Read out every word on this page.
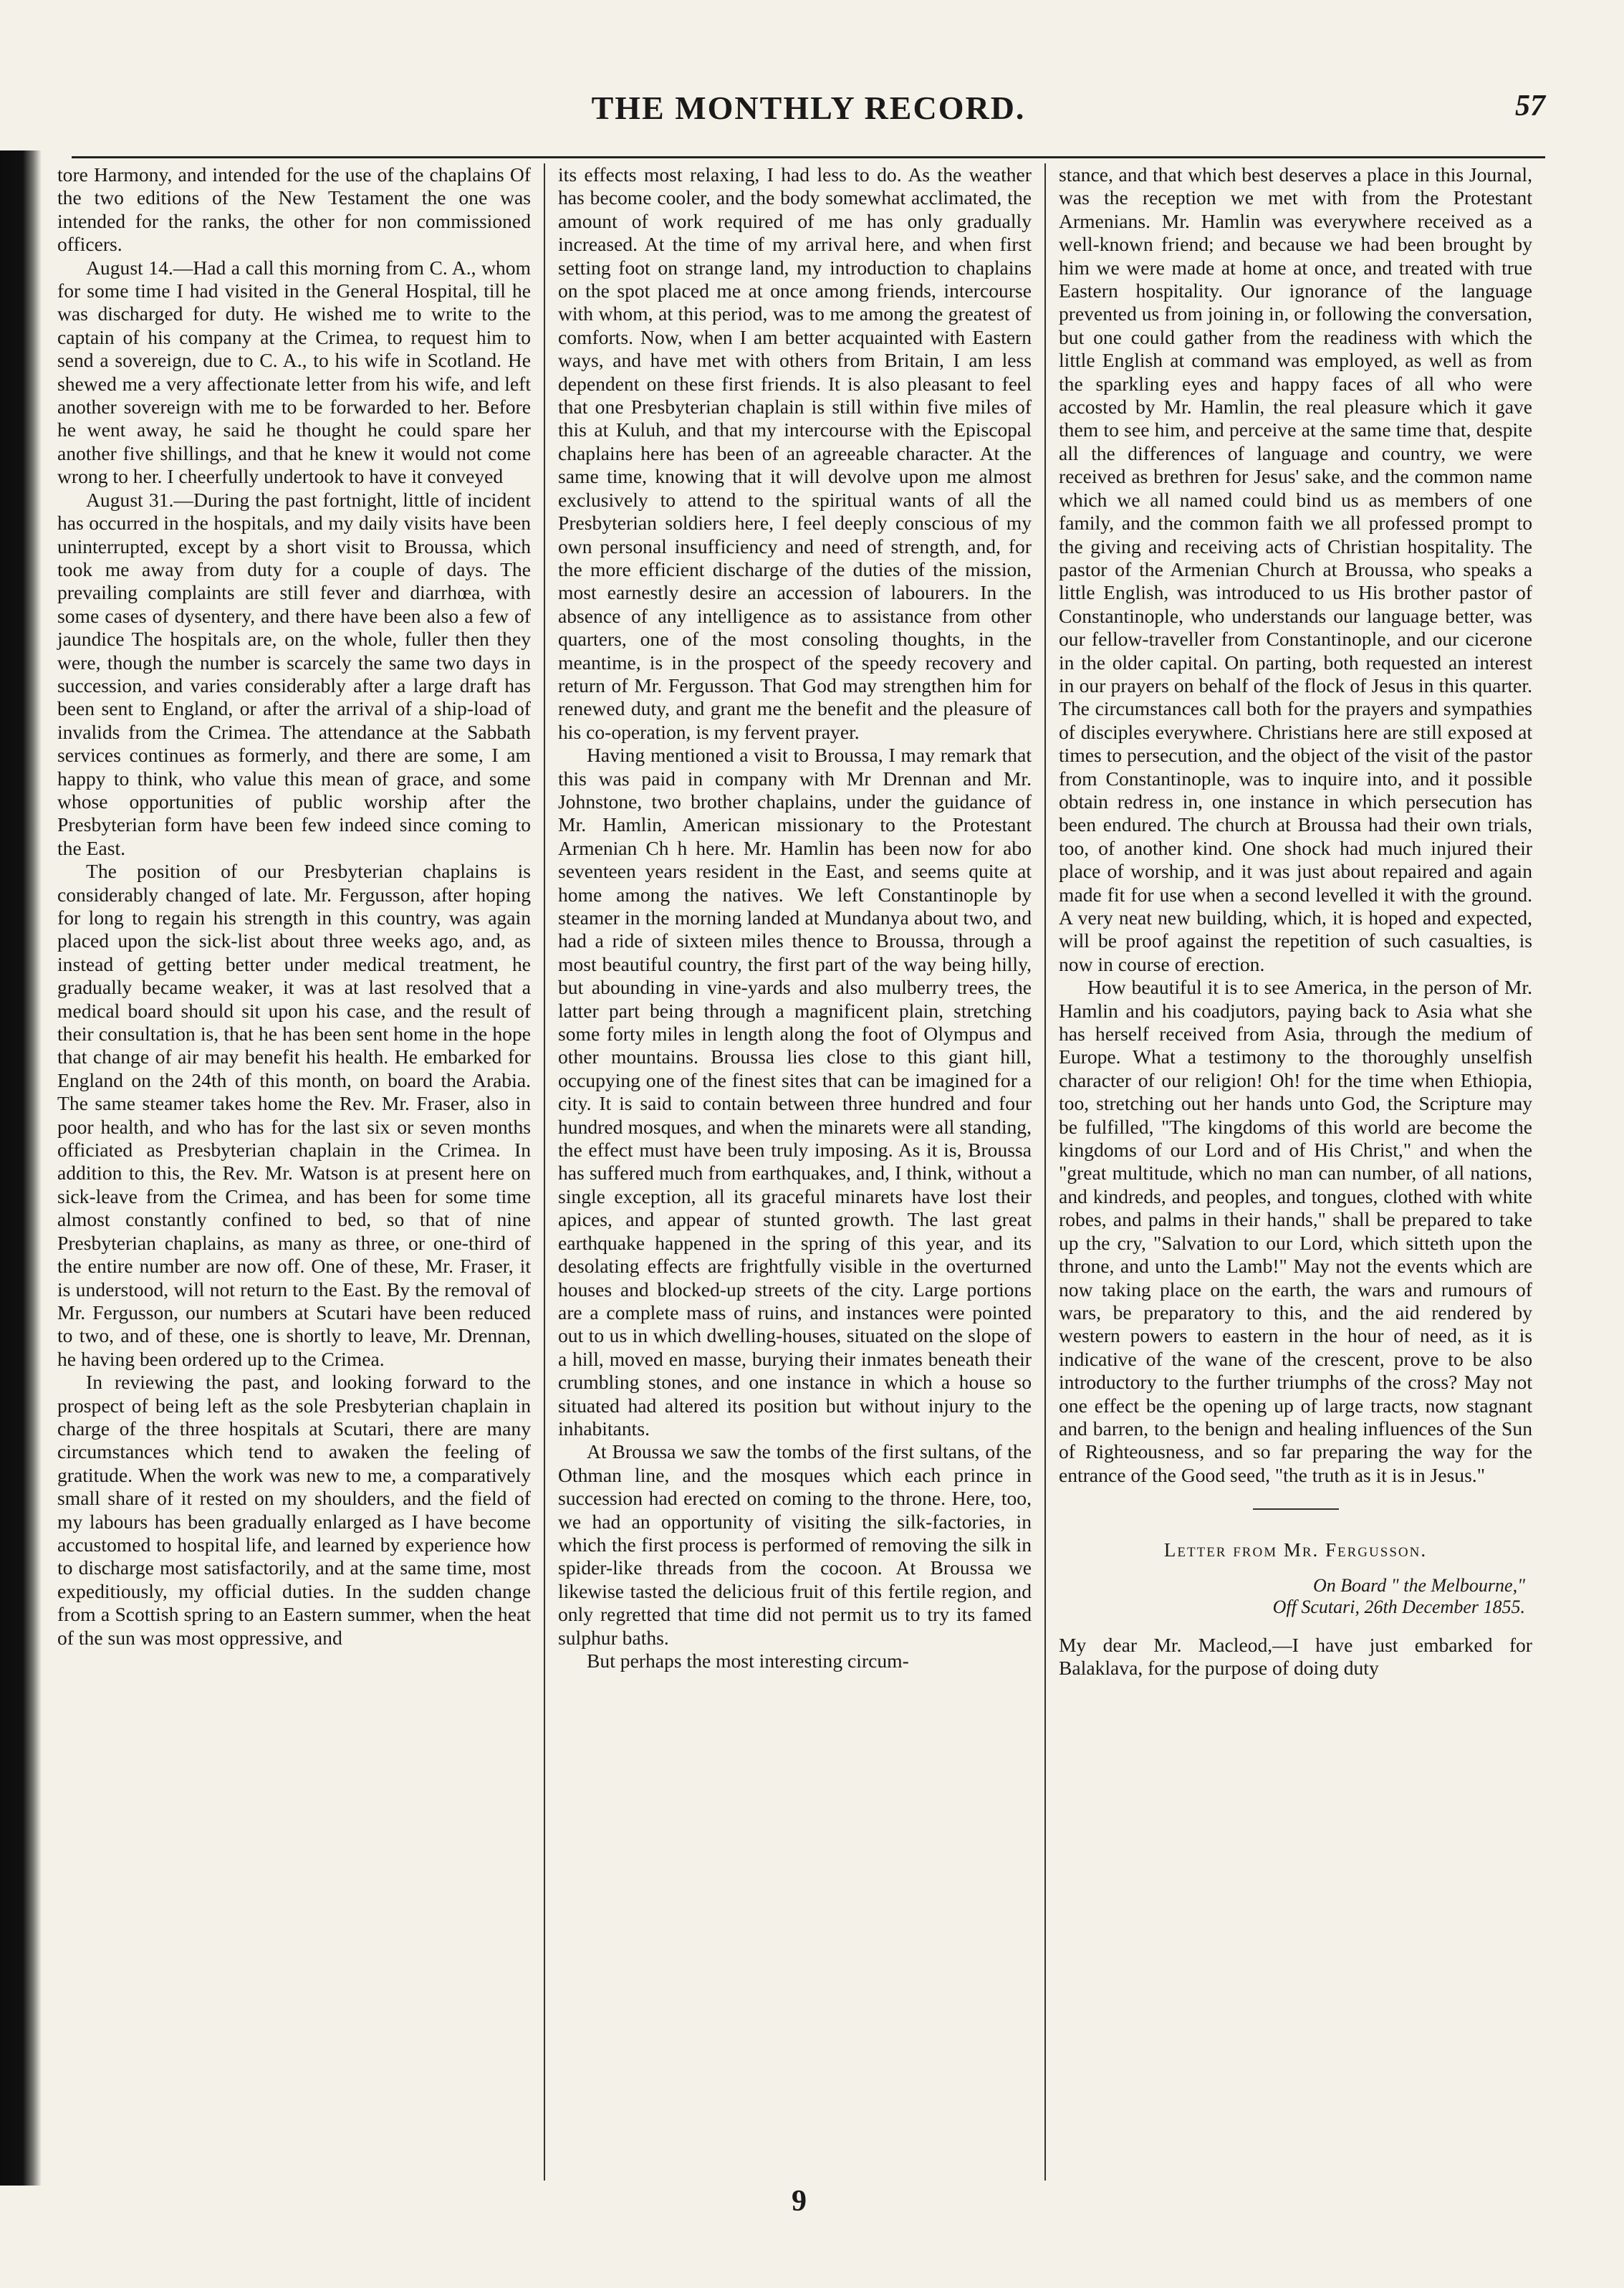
THE MONTHLY RECORD.	57

tore Harmony, and intended for the use of the chaplains Of the two editions of the New Testament the one was intended for the ranks, the other for non commissioned officers.

August 14.—Had a call this morning from C. A., whom for some time I had visited in the General Hospital, till he was discharged for duty. He wished me to write to the captain of his company at the Crimea, to request him to send a sovereign, due to C. A., to his wife in Scotland. He shewed me a very affectionate letter from his wife, and left another sovereign with me to be forwarded to her. Before he went away, he said he thought he could spare her another five shillings, and that he knew it would not come wrong to her. I cheerfully undertook to have it conveyed

August 31.—During the past fortnight, little of incident has occurred in the hospitals, and my daily visits have been uninterrupted, except by a short visit to Broussa, which took me away from duty for a couple of days. The prevailing complaints are still fever and diarrhœa, with some cases of dysentery, and there have been also a few of jaundice The hospitals are, on the whole, fuller then they were, though the number is scarcely the same two days in succession, and varies considerably after a large draft has been sent to England, or after the arrival of a ship-load of invalids from the Crimea. The attendance at the Sabbath services continues as formerly, and there are some, I am happy to think, who value this mean of grace, and some whose opportunities of public worship after the Presbyterian form have been few indeed since coming to the East.

The position of our Presbyterian chaplains is considerably changed of late. Mr. Fergusson, after hoping for long to regain his strength in this country, was again placed upon the sick-list about three weeks ago, and, as instead of getting better under medical treatment, he gradually became weaker, it was at last resolved that a medical board should sit upon his case, and the result of their consultation is, that he has been sent home in the hope that change of air may benefit his health. He embarked for England on the 24th of this month, on board the Arabia. The same steamer takes home the Rev. Mr. Fraser, also in poor health, and who has for the last six or seven months officiated as Presbyterian chaplain in the Crimea. In addition to this, the Rev. Mr. Watson is at present here on sick-leave from the Crimea, and has been for some time almost constantly confined to bed, so that of nine Presbyterian chaplains, as many as three, or one-third of the entire number are now off. One of these, Mr. Fraser, it is understood, will not return to the East. By the removal of Mr. Fergusson, our numbers at Scutari have been reduced to two, and of these, one is shortly to leave, Mr. Drennan, he having been ordered up to the Crimea.

In reviewing the past, and looking forward to the prospect of being left as the sole Presbyterian chaplain in charge of the three hospitals at Scutari, there are many circumstances which tend to awaken the feeling of gratitude. When the work was new to me, a comparatively small share of it rested on my shoulders, and the field of my labours has been gradually enlarged as I have become accustomed to hospital life, and learned by experience how to discharge most satisfactorily, and at the same time, most expeditiously, my official duties. In the sudden change from a Scottish spring to an Eastern summer, when the heat of the sun was most oppressive, and

its effects most relaxing, I had less to do. As the weather has become cooler, and the body somewhat acclimated, the amount of work required of me has only gradually increased. At the time of my arrival here, and when first setting foot on strange land, my introduction to chaplains on the spot placed me at once among friends, intercourse with whom, at this period, was to me among the greatest of comforts. Now, when I am better acquainted with Eastern ways, and have met with others from Britain, I am less dependent on these first friends. It is also pleasant to feel that one Presbyterian chaplain is still within five miles of this at Kuluh, and that my intercourse with the Episcopal chaplains here has been of an agreeable character. At the same time, knowing that it will devolve upon me almost exclusively to attend to the spiritual wants of all the Presbyterian soldiers here, I feel deeply conscious of my own personal insufficiency and need of strength, and, for the more efficient discharge of the duties of the mission, most earnestly desire an accession of labourers. In the absence of any intelligence as to assistance from other quarters, one of the most consoling thoughts, in the meantime, is in the prospect of the speedy recovery and return of Mr. Fergusson. That God may strengthen him for renewed duty, and grant me the benefit and the pleasure of his co-operation, is my fervent prayer.

Having mentioned a visit to Broussa, I may remark that this was paid in company with Mr Drennan and Mr. Johnstone, two brother chaplains, under the guidance of Mr. Hamlin, American missionary to the Protestant Armenian Ch h here. Mr. Hamlin has been now for abo seventeen years resident in the East, and seems quite at home among the natives. We left Constantinople by steamer in the morning landed at Mundanya about two, and had a ride of sixteen miles thence to Broussa, through a most beautiful country, the first part of the way being hilly, but abounding in vine-yards and also mulberry trees, the latter part being through a magnificent plain, stretching some forty miles in length along the foot of Olympus and other mountains. Broussa lies close to this giant hill, occupying one of the finest sites that can be imagined for a city. It is said to contain between three hundred and four hundred mosques, and when the minarets were all standing, the effect must have been truly imposing. As it is, Broussa has suffered much from earthquakes, and, I think, without a single exception, all its graceful minarets have lost their apices, and appear of stunted growth. The last great earthquake happened in the spring of this year, and its desolating effects are frightfully visible in the overturned houses and blocked-up streets of the city. Large portions are a complete mass of ruins, and instances were pointed out to us in which dwelling-houses, situated on the slope of a hill, moved en masse, burying their inmates beneath their crumbling stones, and one instance in which a house so situated had altered its position but without injury to the inhabitants.

At Broussa we saw the tombs of the first sultans, of the Othman line, and the mosques which each prince in succession had erected on coming to the throne. Here, too, we had an opportunity of visiting the silk-factories, in which the first process is performed of removing the silk in spider-like threads from the cocoon. At Broussa we likewise tasted the delicious fruit of this fertile region, and only regretted that time did not permit us to try its famed sulphur baths.

But perhaps the most interesting circum-

stance, and that which best deserves a place in this Journal, was the reception we met with from the Protestant Armenians. Mr. Hamlin was everywhere received as a well-known friend; and because we had been brought by him we were made at home at once, and treated with true Eastern hospitality. Our ignorance of the language prevented us from joining in, or following the conversation, but one could gather from the readiness with which the little English at command was employed, as well as from the sparkling eyes and happy faces of all who were accosted by Mr. Hamlin, the real pleasure which it gave them to see him, and perceive at the same time that, despite all the differences of language and country, we were received as brethren for Jesus' sake, and the common name which we all named could bind us as members of one family, and the common faith we all professed prompt to the giving and receiving acts of Christian hospitality. The pastor of the Armenian Church at Broussa, who speaks a little English, was introduced to us His brother pastor of Constantinople, who understands our language better, was our fellow-traveller from Constantinople, and our cicerone in the older capital. On parting, both requested an interest in our prayers on behalf of the flock of Jesus in this quarter. The circumstances call both for the prayers and sympathies of disciples everywhere. Christians here are still exposed at times to persecution, and the object of the visit of the pastor from Constantinople, was to inquire into, and it possible obtain redress in, one instance in which persecution has been endured. The church at Broussa had their own trials, too, of another kind. One shock had much injured their place of worship, and it was just about repaired and again made fit for use when a second levelled it with the ground. A very neat new building, which, it is hoped and expected, will be proof against the repetition of such casualties, is now in course of erection.

How beautiful it is to see America, in the person of Mr. Hamlin and his coadjutors, paying back to Asia what she has herself received from Asia, through the medium of Europe. What a testimony to the thoroughly unselfish character of our religion! Oh! for the time when Ethiopia, too, stretching out her hands unto God, the Scripture may be fulfilled, "The kingdoms of this world are become the kingdoms of our Lord and of His Christ," and when the "great multitude, which no man can number, of all nations, and kindreds, and peoples, and tongues, clothed with white robes, and palms in their hands," shall be prepared to take up the cry, "Salvation to our Lord, which sitteth upon the throne, and unto the Lamb!" May not the events which are now taking place on the earth, the wars and rumours of wars, be preparatory to this, and the aid rendered by western powers to eastern in the hour of need, as it is indicative of the wane of the crescent, prove to be also introductory to the further triumphs of the cross? May not one effect be the opening up of large tracts, now stagnant and barren, to the benign and healing influences of the Sun of Righteousness, and so far preparing the way for the entrance of the Good seed, "the truth as it is in Jesus."

Letter from Mr. Fergusson.
On Board " the Melbourne,"
Off Scutari, 26th December 1855.

My dear Mr. Macleod,—I have just embarked for Balaklava, for the purpose of doing duty

9
